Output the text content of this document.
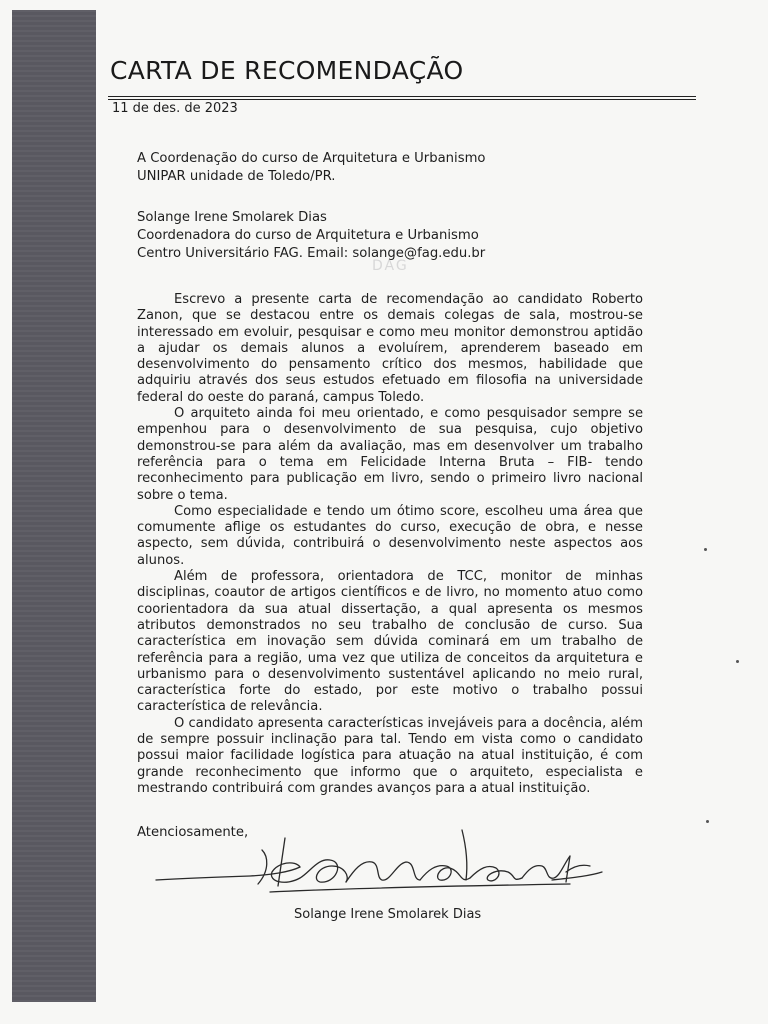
CARTA DE RECOMENDAÇÃO
11 de des. de 2023
A Coordenação do curso de Arquitetura e Urbanismo
UNIPAR unidade de Toledo/PR.
Solange Irene Smolarek Dias
Coordenadora do curso de Arquitetura e Urbanismo
Centro Universitário FAG. Email: solange@fag.edu.br
DAG

Escrevo a presente carta de recomendação ao candidato Roberto Zanon, que se destacou entre os demais colegas de sala, mostrou-se interessado em evoluir, pesquisar e como meu monitor demonstrou aptidão a ajudar os demais alunos a evoluírem, aprenderem baseado em desenvolvimento do pensamento crítico dos mesmos, habilidade que adquiriu através dos seus estudos efetuado em filosofia na universidade federal do oeste do paraná, campus Toledo.

O arquiteto ainda foi meu orientado, e como pesquisador sempre se empenhou para o desenvolvimento de sua pesquisa, cujo objetivo demonstrou-se para além da avaliação, mas em desenvolver um trabalho referência para o tema em Felicidade Interna Bruta – FIB- tendo reconhecimento para publicação em livro, sendo o primeiro livro nacional sobre o tema.

Como especialidade e tendo um ótimo score, escolheu uma área que comumente aflige os estudantes do curso, execução de obra, e nesse aspecto, sem dúvida, contribuirá o desenvolvimento neste aspectos aos alunos.

Além de professora, orientadora de TCC, monitor de minhas disciplinas, coautor de artigos científicos e de livro, no momento atuo como coorientadora da sua atual dissertação, a qual apresenta os mesmos atributos demonstrados no seu trabalho de conclusão de curso. Sua característica em inovação sem dúvida cominará em um trabalho de referência para a região, uma vez que utiliza de conceitos da arquitetura e urbanismo para o desenvolvimento sustentável aplicando no meio rural, característica forte do estado, por este motivo o trabalho possui característica de relevância.

O candidato apresenta características invejáveis para a docência, além de sempre possuir inclinação para tal. Tendo em vista como o candidato possui maior facilidade logística para atuação na atual instituição, é com grande reconhecimento que informo que o arquiteto, especialista e mestrando contribuirá com grandes avanços para a atual instituição.

Atenciosamente,
Solange Irene Smolarek Dias
